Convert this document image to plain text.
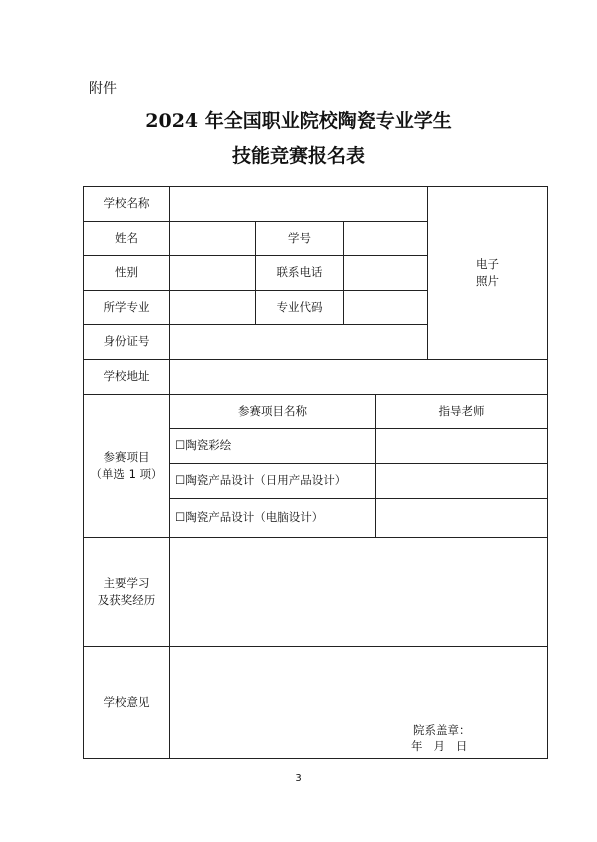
附件
2024 年全国职业院校陶瓷专业学生
技能竞赛报名表
学校名称
姓名	学号
电子
照片
性别	联系电话
所学专业	专业代码
身份证号
学校地址
参赛项目
（单选 1 项）
参赛项目名称	指导老师
☐ 陶瓷彩绘
☐ 陶瓷产品设计（日用产品设计）
☐ 陶瓷产品设计（电脑设计）
主要学习
及获奖经历
学校意见
院系盖章：
年   月   日
3
